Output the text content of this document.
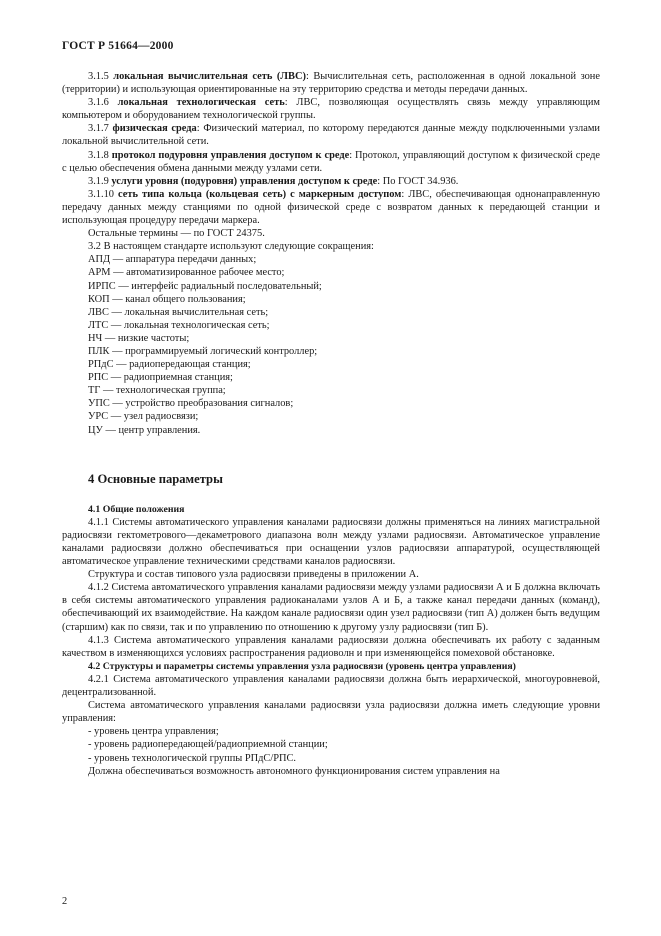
ГОСТ Р 51664—2000

3.1.5 локальная вычислительная сеть (ЛВС): Вычислительная сеть, расположенная в одной локальной зоне (территории) и использующая ориентированные на эту территорию средства и методы передачи данных.

3.1.6 локальная технологическая сеть: ЛВС, позволяющая осуществлять связь между управляющим компьютером и оборудованием технологической группы.

3.1.7 физическая среда: Физический материал, по которому передаются данные между подключенными узлами локальной вычислительной сети.

3.1.8 протокол подуровня управления доступом к среде: Протокол, управляющий доступом к физической среде с целью обеспечения обмена данными между узлами сети.

3.1.9 услуги уровня (подуровня) управления доступом к среде: По ГОСТ 34.936.

3.1.10 сеть типа кольца (кольцевая сеть) с маркерным доступом: ЛВС, обеспечивающая однонаправленную передачу данных между станциями по одной физической среде с возвратом данных к передающей станции и использующая процедуру передачи маркера.

Остальные термины — по ГОСТ 24375.

3.2 В настоящем стандарте используют следующие сокращения:

АПД — аппаратура передачи данных;

АРМ — автоматизированное рабочее место;

ИРПС — интерфейс радиальный последовательный;

КОП — канал общего пользования;

ЛВС — локальная вычислительная сеть;

ЛТС — локальная технологическая сеть;

НЧ — низкие частоты;

ПЛК — программируемый логический контроллер;

РПдС — радиопередающая станция;

РПС — радиоприемная станция;

ТГ — технологическая группа;

УПС — устройство преобразования сигналов;

УРС — узел радиосвязи;

ЦУ — центр управления.

4 Основные параметры

4.1 Общие положения

4.1.1 Системы автоматического управления каналами радиосвязи должны применяться на линиях магистральной радиосвязи гектометрового—декаметрового диапазона волн между узлами радиосвязи. Автоматическое управление каналами радиосвязи должно обеспечиваться при оснащении узлов радиосвязи аппаратурой, осуществляющей автоматическое управление техническими средствами каналов радиосвязи.

Структура и состав типового узла радиосвязи приведены в приложении А.

4.1.2 Система автоматического управления каналами радиосвязи между узлами радиосвязи А и Б должна включать в себя системы автоматического управления радиоканалами узлов А и Б, а также канал передачи данных (команд), обеспечивающий их взаимодействие. На каждом канале радиосвязи один узел радиосвязи (тип А) должен быть ведущим (старшим) как по связи, так и по управлению по отношению к другому узлу радиосвязи (тип Б).

4.1.3 Система автоматического управления каналами радиосвязи должна обеспечивать их работу с заданным качеством в изменяющихся условиях распространения радиоволн и при изменяющейся помеховой обстановке.

4.2 Структуры и параметры системы управления узла радиосвязи (уровень центра управления)

4.2.1 Система автоматического управления каналами радиосвязи должна быть иерархической, многоуровневой, децентрализованной.

Система автоматического управления каналами радиосвязи узла радиосвязи должна иметь следующие уровни управления:

- уровень центра управления;

- уровень радиопередающей/радиоприемной станции;

- уровень технологической группы РПдС/РПС.

Должна обеспечиваться возможность автономного функционирования систем управления на

2
